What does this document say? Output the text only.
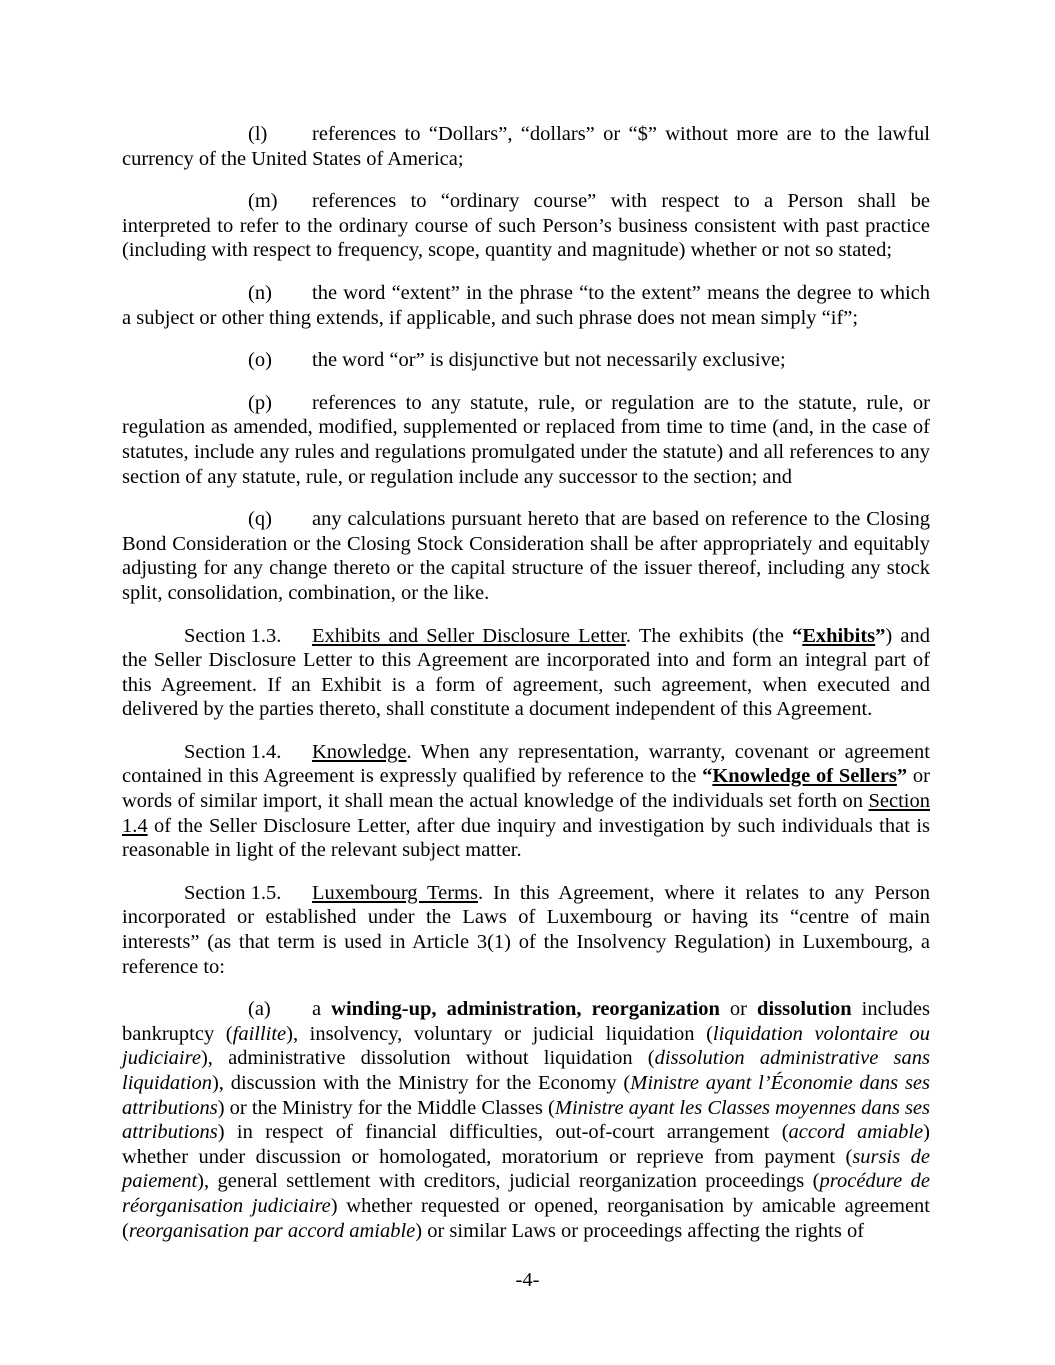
(l) references to “Dollars”, “dollars” or “$” without more are to the lawful currency of the United States of America;

(m) references to “ordinary course” with respect to a Person shall be interpreted to refer to the ordinary course of such Person’s business consistent with past practice (including with respect to frequency, scope, quantity and magnitude) whether or not so stated;

(n) the word “extent” in the phrase “to the extent” means the degree to which a subject or other thing extends, if applicable, and such phrase does not mean simply “if”;

(o) the word “or” is disjunctive but not necessarily exclusive;

(p) references to any statute, rule, or regulation are to the statute, rule, or regulation as amended, modified, supplemented or replaced from time to time (and, in the case of statutes, include any rules and regulations promulgated under the statute) and all references to any section of any statute, rule, or regulation include any successor to the section; and

(q) any calculations pursuant hereto that are based on reference to the Closing Bond Consideration or the Closing Stock Consideration shall be after appropriately and equitably adjusting for any change thereto or the capital structure of the issuer thereof, including any stock split, consolidation, combination, or the like.

Section 1.3. Exhibits and Seller Disclosure Letter. The exhibits (the “Exhibits”) and the Seller Disclosure Letter to this Agreement are incorporated into and form an integral part of this Agreement. If an Exhibit is a form of agreement, such agreement, when executed and delivered by the parties thereto, shall constitute a document independent of this Agreement.

Section 1.4. Knowledge. When any representation, warranty, covenant or agreement contained in this Agreement is expressly qualified by reference to the “Knowledge of Sellers” or words of similar import, it shall mean the actual knowledge of the individuals set forth on Section 1.4 of the Seller Disclosure Letter, after due inquiry and investigation by such individuals that is reasonable in light of the relevant subject matter.

Section 1.5. Luxembourg Terms. In this Agreement, where it relates to any Person incorporated or established under the Laws of Luxembourg or having its “centre of main interests” (as that term is used in Article 3(1) of the Insolvency Regulation) in Luxembourg, a reference to:

(a) a winding-up, administration, reorganization or dissolution includes bankruptcy (faillite), insolvency, voluntary or judicial liquidation (liquidation volontaire ou judiciaire), administrative dissolution without liquidation (dissolution administrative sans liquidation), discussion with the Ministry for the Economy (Ministre ayant l’Économie dans ses attributions) or the Ministry for the Middle Classes (Ministre ayant les Classes moyennes dans ses attributions) in respect of financial difficulties, out-of-court arrangement (accord amiable) whether under discussion or homologated, moratorium or reprieve from payment (sursis de paiement), general settlement with creditors, judicial reorganization proceedings (procédure de réorganisation judiciaire) whether requested or opened, reorganisation by amicable agreement (reorganisation par accord amiable) or similar Laws or proceedings affecting the rights of

-4-
